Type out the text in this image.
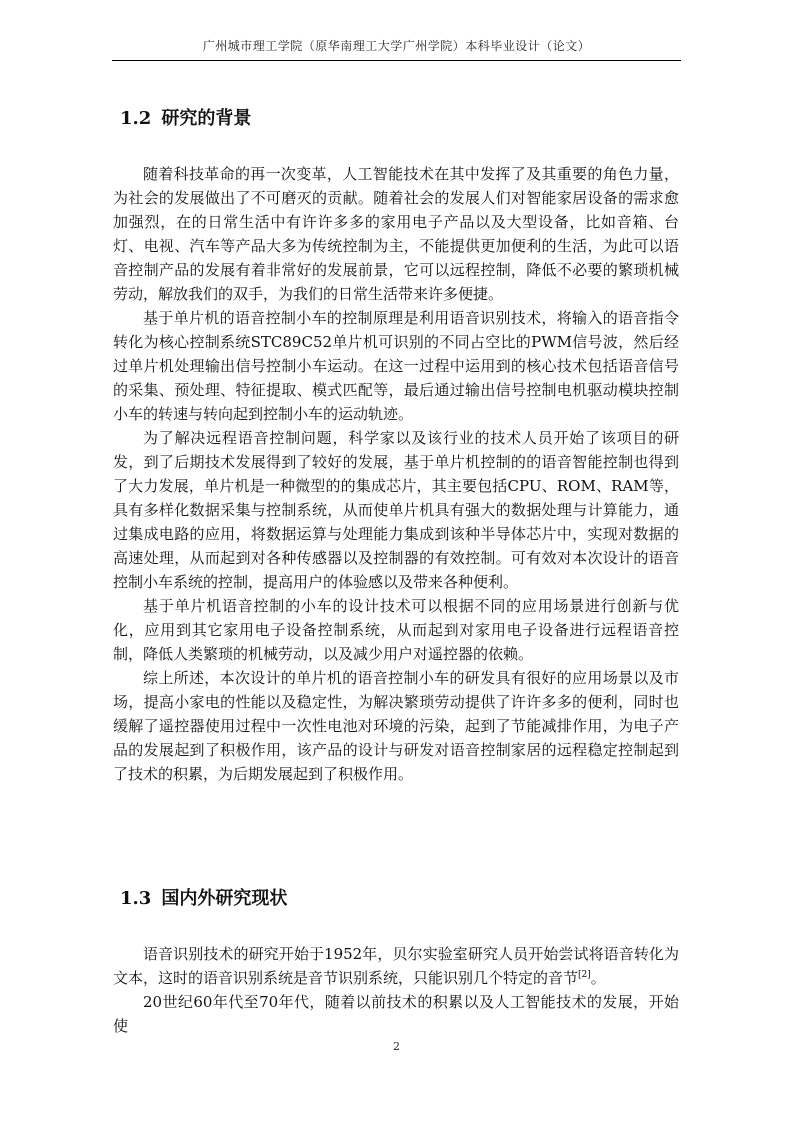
广州城市理工学院（原华南理工大学广州学院）本科毕业设计（论文）
1.2 研究的背景

随着科技革命的再一次变革，人工智能技术在其中发挥了及其重要的角色力量，为社会的发展做出了不可磨灭的贡献。随着社会的发展人们对智能家居设备的需求愈加强烈，在的日常生活中有许许多多的家用电子产品以及大型设备，比如音箱、台灯、电视、汽车等产品大多为传统控制为主，不能提供更加便利的生活，为此可以语音控制产品的发展有着非常好的发展前景，它可以远程控制，降低不必要的繁琐机械劳动，解放我们的双手，为我们的日常生活带来许多便捷。

基于单片机的语音控制小车的控制原理是利用语音识别技术，将输入的语音指令转化为核心控制系统STC89C52单片机可识别的不同占空比的PWM信号波，然后经过单片机处理输出信号控制小车运动。在这一过程中运用到的核心技术包括语音信号的采集、预处理、特征提取、模式匹配等，最后通过输出信号控制电机驱动模块控制小车的转速与转向起到控制小车的运动轨迹。

为了解决远程语音控制问题，科学家以及该行业的技术人员开始了该项目的研发，到了后期技术发展得到了较好的发展，基于单片机控制的的语音智能控制也得到了大力发展，单片机是一种微型的的集成芯片，其主要包括CPU、ROM、RAM等，具有多样化数据采集与控制系统，从而使单片机具有强大的数据处理与计算能力，通过集成电路的应用，将数据运算与处理能力集成到该种半导体芯片中，实现对数据的高速处理，从而起到对各种传感器以及控制器的有效控制。可有效对本次设计的语音控制小车系统的控制，提高用户的体验感以及带来各种便利。

基于单片机语音控制的小车的设计技术可以根据不同的应用场景进行创新与优化，应用到其它家用电子设备控制系统，从而起到对家用电子设备进行远程语音控制，降低人类繁琐的机械劳动，以及减少用户对遥控器的依赖。

综上所述，本次设计的单片机的语音控制小车的研发具有很好的应用场景以及市场，提高小家电的性能以及稳定性，为解决繁琐劳动提供了许许多多的便利，同时也缓解了遥控器使用过程中一次性电池对环境的污染，起到了节能减排作用，为电子产品的发展起到了积极作用，该产品的设计与研发对语音控制家居的远程稳定控制起到了技术的积累，为后期发展起到了积极作用。

1.3 国内外研究现状

语音识别技术的研究开始于1952年，贝尔实验室研究人员开始尝试将语音转化为文本，这时的语音识别系统是音节识别系统，只能识别几个特定的音节[2]。

20世纪60年代至70年代，随着以前技术的积累以及人工智能技术的发展，开始使

2
